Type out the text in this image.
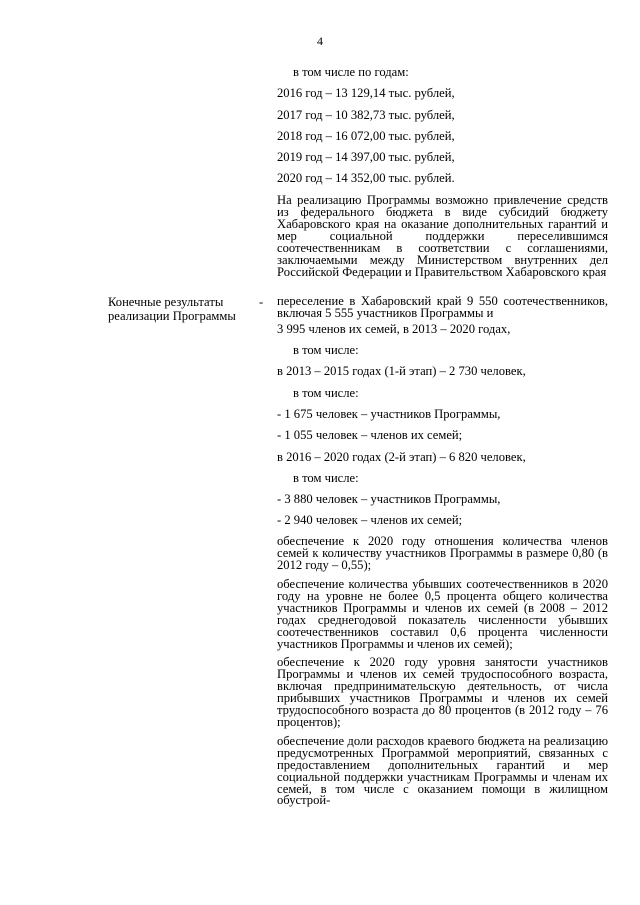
4
в том числе по годам:
2016 год – 13 129,14 тыс. рублей,
2017 год – 10 382,73 тыс. рублей,
2018 год – 16 072,00 тыс. рублей,
2019 год – 14 397,00 тыс. рублей,
2020 год – 14 352,00 тыс. рублей.
На реализацию Программы возможно привлечение средств из федерального бюджета в виде субсидий бюджету Хабаровского края на оказание дополнительных гарантий и мер социальной поддержки переселившимся соотечественникам в соответствии с соглашениями, заключаемыми между Министерством внутренних дел Российской Федерации и Правительством Хабаровского края
Конечные результаты реализации Программы
- переселение в Хабаровский край 9 550 соотечественников, включая 5 555 участников Программы и
3 995 членов их семей, в 2013 – 2020 годах,
в том числе:
в 2013 – 2015 годах (1-й этап) – 2 730 человек,
в том числе:
- 1 675 человек – участников Программы,
- 1 055 человек – членов их семей;
в 2016 – 2020 годах (2-й этап) – 6 820 человек,
в том числе:
- 3 880 человек – участников Программы,
- 2 940 человек – членов их семей;
обеспечение к 2020 году отношения количества членов семей к количеству участников Программы в размере 0,80 (в 2012 году – 0,55);
обеспечение количества убывших соотечественников в 2020 году на уровне не более 0,5 процента общего количества участников Программы и членов их семей (в 2008 – 2012 годах среднегодовой показатель численности убывших соотечественников составил 0,6 процента численности участников Программы и членов их семей);
обеспечение к 2020 году уровня занятости участников Программы и членов их семей трудоспособного возраста, включая предпринимательскую деятельность, от числа прибывших участников Программы и членов их семей трудоспособного возраста до 80 процентов (в 2012 году – 76 процентов);
обеспечение доли расходов краевого бюджета на реализацию предусмотренных Программой мероприятий, связанных с предоставлением дополнительных гарантий и мер социальной поддержки участникам Программы и членам их семей, в том числе с оказанием помощи в жилищном обустрой-
